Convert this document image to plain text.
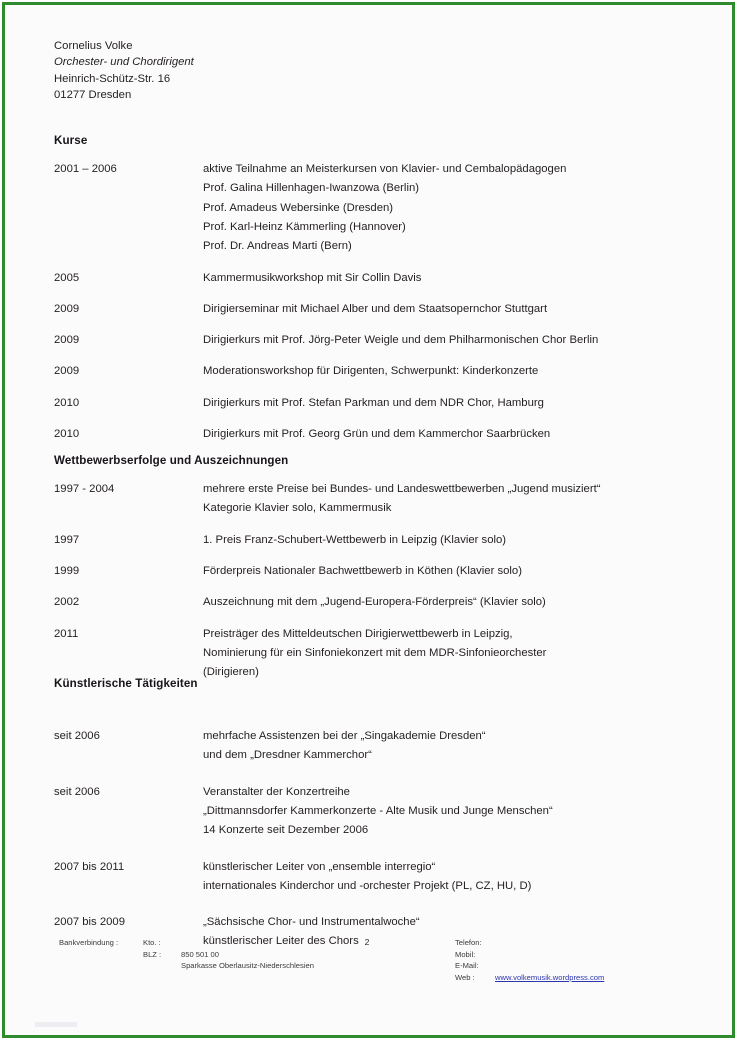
Cornelius Volke
Orchester- und Chordirigent
Heinrich-Schütz-Str. 16
01277 Dresden
Kurse
Wettbewerbserfolge und Auszeichnungen
Künstlerische Tätigkeiten
2001 – 2006	aktive Teilnahme an Meisterkursen von Klavier- und Cembalopädagogen
Prof. Galina Hillenhagen-Iwanzowa (Berlin)
Prof. Amadeus Webersinke (Dresden)
Prof. Karl-Heinz Kämmerling (Hannover)
Prof. Dr. Andreas Marti (Bern)
2005	Kammermusikworkshop mit Sir Collin Davis
2009	Dirigierseminar mit Michael Alber und dem Staatsopernchor Stuttgart
2009	Dirigierkurs mit Prof. Jörg-Peter Weigle und dem Philharmonischen Chor Berlin
2009	Moderationsworkshop für Dirigenten, Schwerpunkt: Kinderkonzerte
2010	Dirigierkurs mit Prof. Stefan Parkman und dem NDR Chor, Hamburg
2010	Dirigierkurs mit Prof. Georg Grün und dem Kammerchor Saarbrücken
1997 - 2004	mehrere erste Preise bei Bundes- und Landeswettbewerben „Jugend musiziert“
Kategorie Klavier solo, Kammermusik
1997	1. Preis Franz-Schubert-Wettbewerb in Leipzig (Klavier solo)
1999	Förderpreis Nationaler Bachwettbewerb in Köthen (Klavier solo)
2002	Auszeichnung mit dem „Jugend-Europera-Förderpreis“ (Klavier solo)
2011	Preisträger des Mitteldeutschen Dirigierwettbewerb in Leipzig,
Nominierung für ein Sinfoniekonzert mit dem MDR-Sinfonieorchester
(Dirigieren)
seit 2006	mehrfache Assistenzen bei der „Singakademie Dresden“
und dem „Dresdner Kammerchor“
seit 2006	Veranstalter der Konzertreihe
„Dittmannsdorfer Kammerkonzerte - Alte Musik und Junge Menschen“
14 Konzerte seit Dezember 2006
2007 bis 2011	künstlerischer Leiter von „ensemble interregio“
internationales Kinderchor und -orchester Projekt (PL, CZ, HU, D)
2007 bis 2009	„Sächsische Chor- und Instrumentalwoche“
künstlerischer Leiter des Chors
Bankverbindung :	Kto. :
BLZ :	850 501 00
Sparkasse Oberlausitz-Niederschlesien
2	Telefon:
Mobil:
E-Mail:
Web :	www.volkemusik.wordpress.com
